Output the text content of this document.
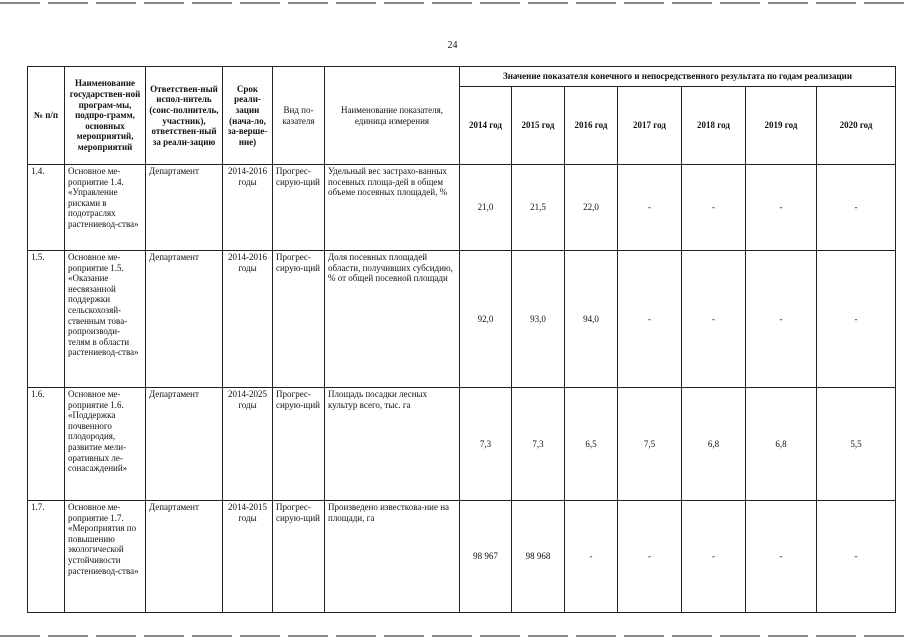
24
№ п/п	Наименование государствен-ной програм-мы, подпро-грамм, основных мероприятий, мероприятий	Ответствен-ный испол-нитель (соис-полнитель, участник), ответствен-ный за реали-зацию	Срок реали-зации (нача-ло, за-верше-ние)	Вид по-казателя	Наименование показателя, единица измерения	Значение показателя конечного и непосредственного результата по годам реализации						
						2014 год	2015 год	2016 год	2017 год	2018 год	2019 год	2020 год
1.4.	Основное ме-роприятие 1.4. «Управление рисками в подотраслях растениевод-ства»	Департамент	2014-2016 годы	Прогрес-сирую-щий	Удельный вес застрахо-ванных посевных площа-дей в общем объеме посевных площадей, %	21,0	21,5	22,0	-	-	-	-
1.5.	Основное ме-роприятие 1.5. «Оказание несвязанной поддержки сельскохозяй-ственным това-ропроизводи-телям в области растениевод-ства»	Департамент	2014-2016 годы	Прогрес-сирую-щий	Доля посевных площадей области, получивших субсидию, % от общей посевной площади	92,0	93,0	94,0	-	-	-	-
1.6.	Основное ме-роприятие 1.6. «Поддержка почвенного плодородия, развитие мели-оративных ле-сонасаждений»	Департамент	2014-2025 годы	Прогрес-сирую-щий	Площадь посадки лесных культур всего, тыс. га	7,3	7,3	6,5	7,5	6,8	6,8	5,5
1.7.	Основное ме-роприятие 1.7. «Мероприятия по повышению экологической устойчивости растениевод-ства»	Департамент	2014-2015 годы	Прогрес-сирую-щий	Произведено известкова-ние на площади, га	98 967	98 968	-	-	-	-	-
